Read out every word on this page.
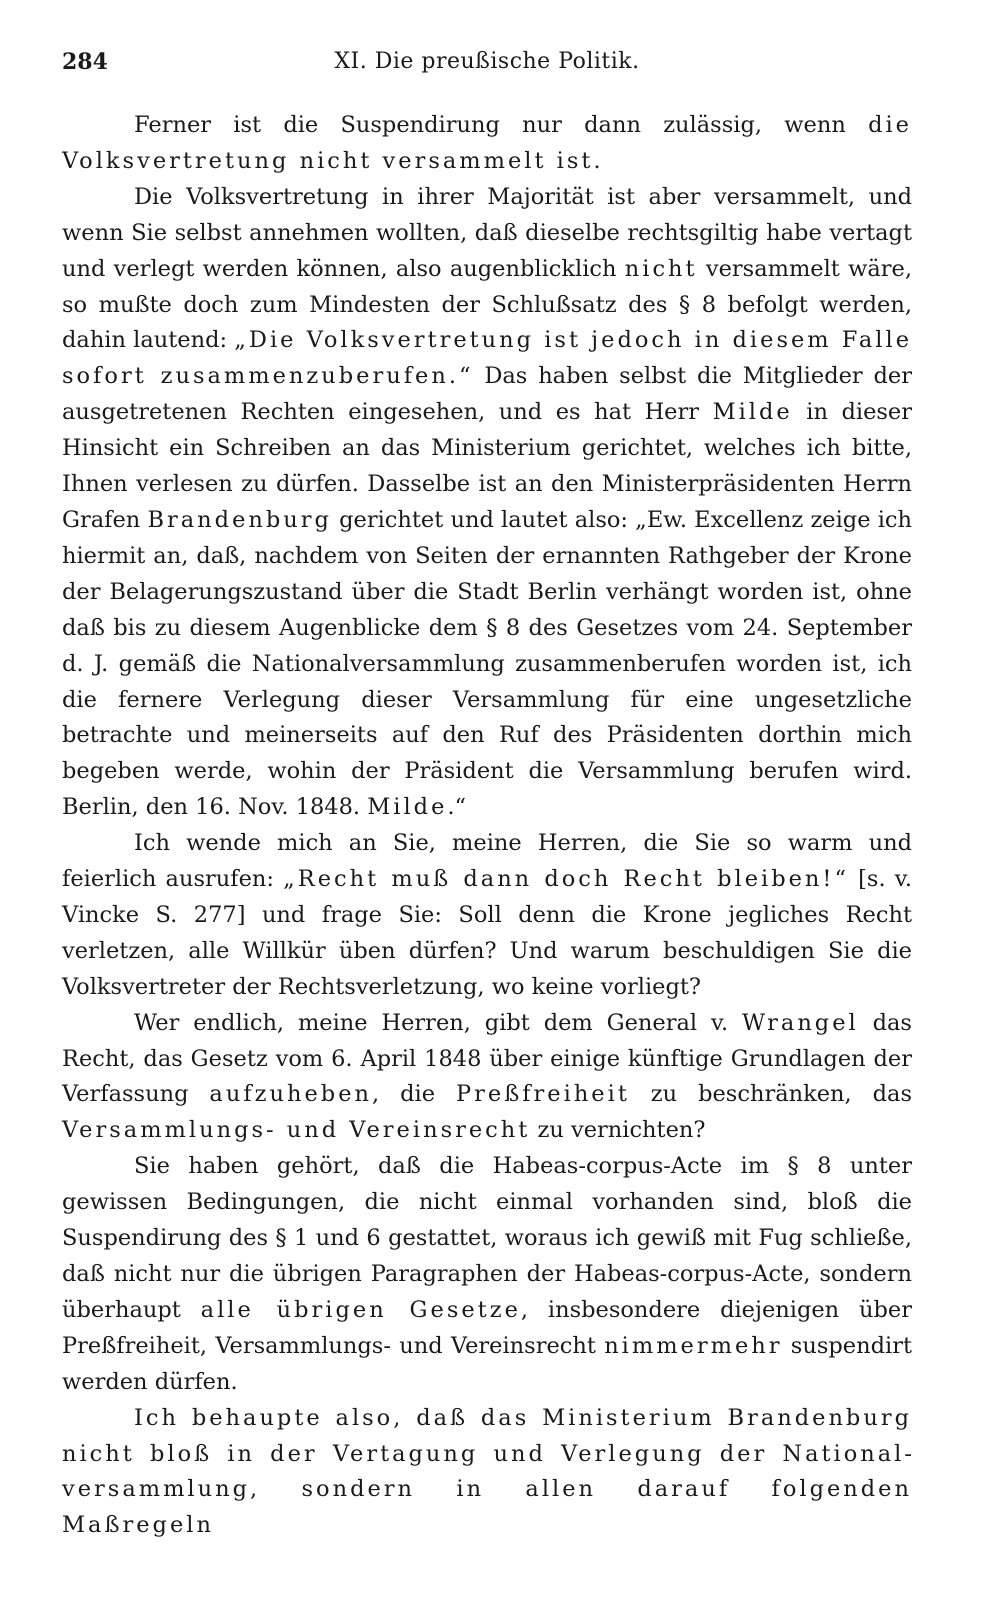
284	XI. Die preußische Politik.

Ferner ist die Suspendirung nur dann zulässig, wenn die Volksvertretung nicht versammelt ist.

Die Volksvertretung in ihrer Majorität ist aber versammelt, und wenn Sie selbst annehmen wollten, daß dieselbe rechtsgiltig habe vertagt und verlegt werden können, also augenblicklich nicht versammelt wäre, so mußte doch zum Mindesten der Schlußsatz des § 8 befolgt werden, dahin lautend: „Die Volksvertretung ist jedoch in diesem Falle sofort zusammenzuberufen.“ Das haben selbst die Mitglieder der ausgetretenen Rechten eingesehen, und es hat Herr Milde in dieser Hinsicht ein Schreiben an das Ministerium gerichtet, welches ich bitte, Ihnen verlesen zu dürfen. Dasselbe ist an den Ministerpräsidenten Herrn Grafen Brandenburg gerichtet und lautet also: „Ew. Excellenz zeige ich hiermit an, daß, nachdem von Seiten der ernannten Rathgeber der Krone der Belagerungszustand über die Stadt Berlin verhängt worden ist, ohne daß bis zu diesem Augenblicke dem § 8 des Gesetzes vom 24. September d. J. gemäß die Nationalversammlung zusammenberufen worden ist, ich die fernere Verlegung dieser Versammlung für eine ungesetzliche betrachte und meinerseits auf den Ruf des Präsidenten dorthin mich begeben werde, wohin der Präsident die Versammlung berufen wird. Berlin, den 16. Nov. 1848. Milde.“

Ich wende mich an Sie, meine Herren, die Sie so warm und feierlich ausrufen: „Recht muß dann doch Recht bleiben!“ [s. v. Vincke S. 277] und frage Sie: Soll denn die Krone jegliches Recht verletzen, alle Willkür üben dürfen? Und warum beschuldigen Sie die Volksvertreter der Rechtsverletzung, wo keine vorliegt?

Wer endlich, meine Herren, gibt dem General v. Wrangel das Recht, das Gesetz vom 6. April 1848 über einige künftige Grundlagen der Verfassung aufzuheben, die Preßfreiheit zu beschränken, das Versammlungs- und Vereinsrecht zu vernichten?

Sie haben gehört, daß die Habeas-corpus-Acte im § 8 unter gewissen Bedingungen, die nicht einmal vorhanden sind, bloß die Suspendirung des § 1 und 6 gestattet, woraus ich gewiß mit Fug schließe, daß nicht nur die übrigen Paragraphen der Habeas-corpus-Acte, sondern überhaupt alle übrigen Gesetze, insbesondere diejenigen über Preßfreiheit, Versammlungs- und Vereinsrecht nimmermehr suspendirt werden dürfen.

Ich behaupte also, daß das Ministerium Brandenburg nicht bloß in der Vertagung und Verlegung der Nationalversammlung, sondern in allen darauf folgenden Maßregeln
